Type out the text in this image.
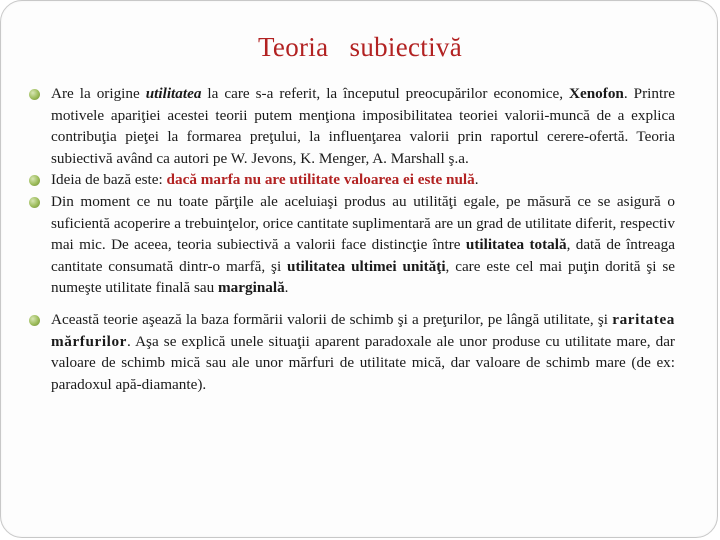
Teoria   subiectivă

Are la origine utilitatea la care s-a referit, la începutul preocupărilor economice, Xenofon. Printre motivele apariţiei acestei teorii putem menţiona imposibilitatea teoriei valorii-muncă de a explica contribuţia pieţei la formarea preţului, la influenţarea valorii prin raportul cerere-ofertă. Teoria subiectivă având ca autori pe W. Jevons, K. Menger, A. Marshall ş.a.

Ideia de bază este: dacă marfa nu are utilitate valoarea ei este nulă.

Din moment ce nu toate părţile ale aceluiaşi produs au utilităţi egale, pe măsură ce se asigură o suficientă acoperire a trebuinţelor, orice cantitate suplimentară are un grad de utilitate diferit, respectiv mai mic. De aceea, teoria subiectivă a valorii face distincţie între utilitatea totală, dată de întreaga cantitate consumată dintr-o marfă, şi utilitatea ultimei unităţi, care este cel mai puţin dorită şi se numeşte utilitate finală sau marginală.

Această teorie aşează la baza formării valorii de schimb şi a preţurilor, pe lângă utilitate, şi raritatea mărfurilor. Aşa se explică unele situaţii aparent paradoxale ale unor produse cu utilitate mare, dar valoare de schimb mică sau ale unor mărfuri de utilitate mică, dar valoare de schimb mare (de ex: paradoxul apă-diamante).
